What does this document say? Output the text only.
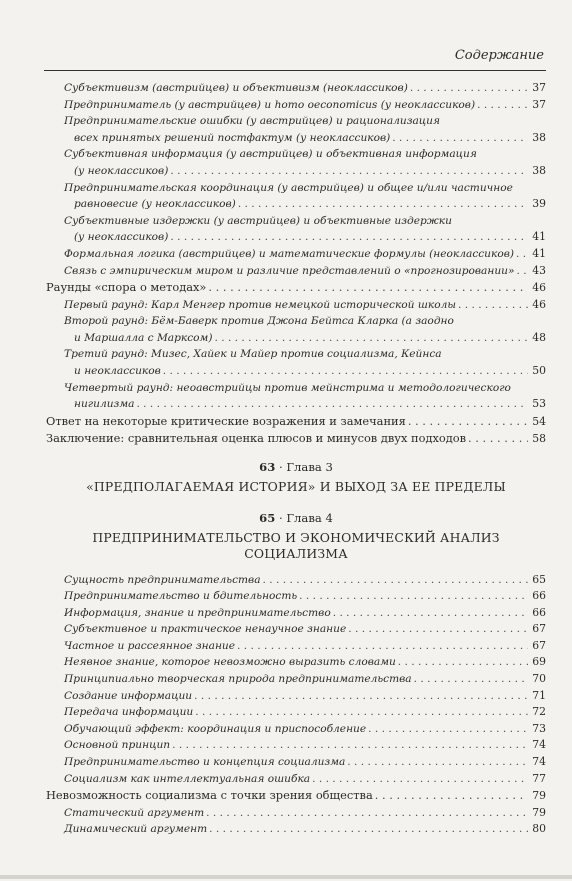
Содержание
Субъективизм (австрийцев) и объективизм (неоклассиков) . . .	37
Предприниматель (у австрийцев) и homo oeconomicus (у неоклассиков) . . .	37
Предпринимательские ошибки (у австрийцев) и рационализация
всех принятых решений постфактум (у неоклассиков) . . .	38
Субъективная информация (у австрийцев) и объективная информация
(у неоклассиков) . . .	38
Предпринимательская координация (у австрийцев) и общее и/или частичное
равновесие (у неоклассиков) . . .	39
Субъективные издержки (у австрийцев) и объективные издержки
(у неоклассиков) . . .	41
Формальная логика (австрийцев) и математические формулы (неоклассиков) . . . 41
Связь с эмпирическим миром и различие представлений о «прогнозировании» . . . 43
Раунды «спора о методах» . . .	46
Первый раунд: Карл Менгер против немецкой исторической школы . . .	46
Второй раунд: Бём-Баверк против Джона Бейтса Кларка (а заодно
и Маршалла с Марксом) . . .	48
Третий раунд: Мизес, Хайек и Майер против социализма, Кейнса
и неоклассиков . . .	50
Четвертый раунд: неоавстрийцы против мейнстрима и методологического
нигилизма . . .	53
Ответ на некоторые критические возражения и замечания . . .	54
Заключение: сравнительная оценка плюсов и минусов двух подходов . . .	58
63 · Глава 3
«ПРЕДПОЛАГАЕМАЯ ИСТОРИЯ» И ВЫХОД ЗА ЕЕ ПРЕДЕЛЫ
65 · Глава 4
ПРЕДПРИНИМАТЕЛЬСТВО И ЭКОНОМИЧЕСКИЙ АНАЛИЗ
СОЦИАЛИЗМА
Сущность предпринимательства . . .	65
Предпринимательство и бдительность . . .	66
Информация, знание и предпринимательство . . .	66
Субъективное и практическое ненаучное знание . . .	67
Частное и рассеянное знание . . .	67
Неявное знание, которое невозможно выразить словами . . .	69
Принципиально творческая природа предпринимательства . . .	70
Создание информации . . .	71
Передача информации . . .	72
Обучающий эффект: координация и приспособление . . .	73
Основной принцип . . .	74
Предпринимательство и концепция социализма . . .	74
Социализм как интеллектуальная ошибка . . .	77
Невозможность социализма с точки зрения общества . . .	79
Статический аргумент . . .	79
Динамический аргумент . . .	80
